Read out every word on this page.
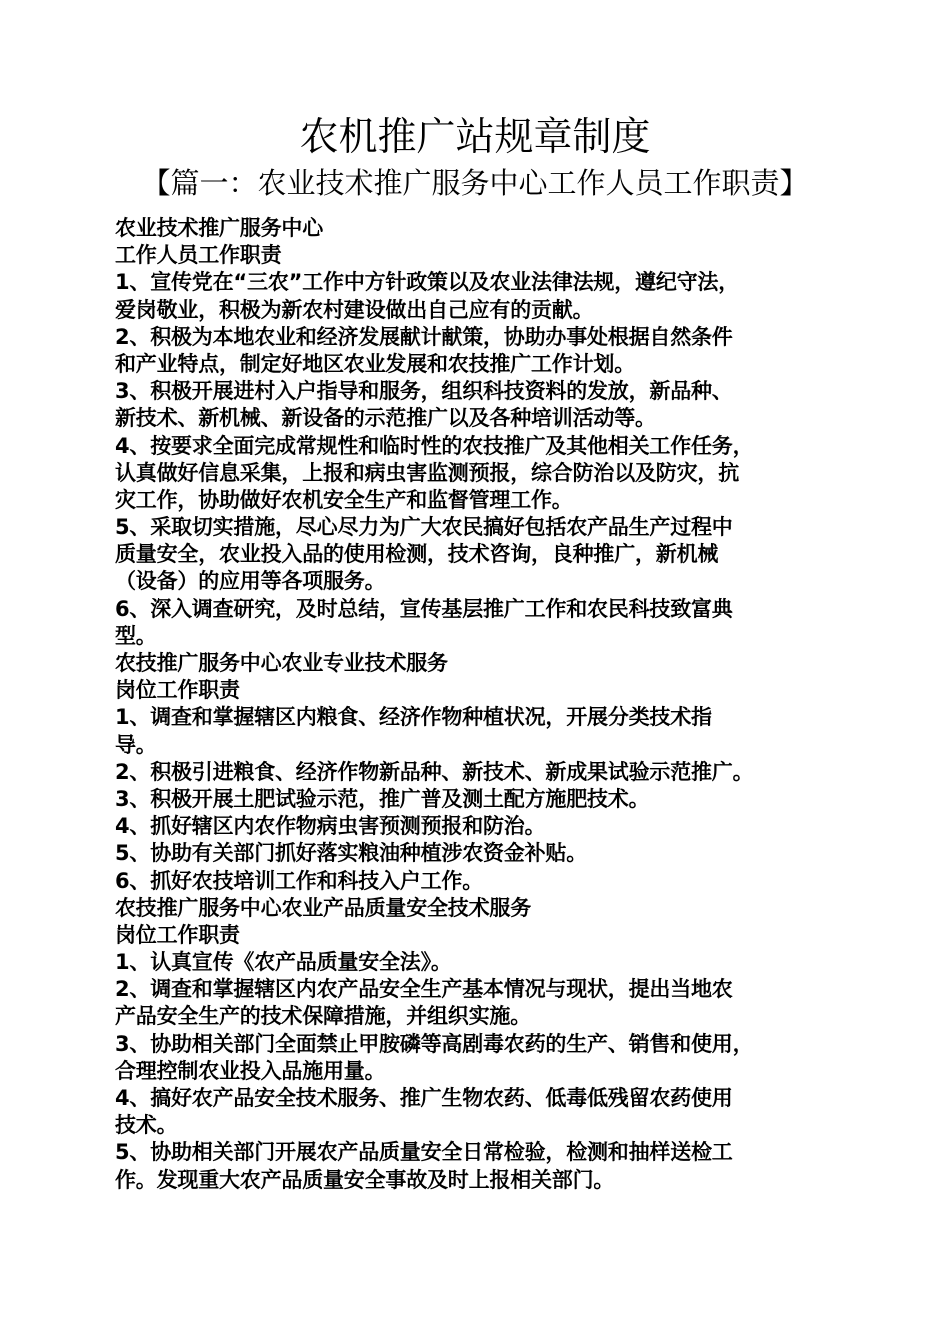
农机推广站规章制度
【篇一：农业技术推广服务中心工作人员工作职责】
农业技术推广服务中心
工作人员工作职责
1、宣传党在“三农”工作中方针政策以及农业法律法规，遵纪守法，
爱岗敬业，积极为新农村建设做出自己应有的贡献。
2、积极为本地农业和经济发展献计献策，协助办事处根据自然条件
和产业特点，制定好地区农业发展和农技推广工作计划。
3、积极开展进村入户指导和服务，组织科技资料的发放，新品种、
新技术、新机械、新设备的示范推广以及各种培训活动等。
4、按要求全面完成常规性和临时性的农技推广及其他相关工作任务，
认真做好信息采集，上报和病虫害监测预报，综合防治以及防灾，抗
灾工作，协助做好农机安全生产和监督管理工作。
5、采取切实措施，尽心尽力为广大农民搞好包括农产品生产过程中
质量安全，农业投入品的使用检测，技术咨询，良种推广，新机械
（设备）的应用等各项服务。
6、深入调查研究，及时总结，宣传基层推广工作和农民科技致富典
型。
农技推广服务中心农业专业技术服务
岗位工作职责
1、调查和掌握辖区内粮食、经济作物种植状况，开展分类技术指
导。
2、积极引进粮食、经济作物新品种、新技术、新成果试验示范推广。
3、积极开展土肥试验示范，推广普及测土配方施肥技术。
4、抓好辖区内农作物病虫害预测预报和防治。
5、协助有关部门抓好落实粮油种植涉农资金补贴。
6、抓好农技培训工作和科技入户工作。
农技推广服务中心农业产品质量安全技术服务
岗位工作职责
1、认真宣传《农产品质量安全法》。
2、调查和掌握辖区内农产品安全生产基本情况与现状，提出当地农
产品安全生产的技术保障措施，并组织实施。
3、协助相关部门全面禁止甲胺磷等高剧毒农药的生产、销售和使用，
合理控制农业投入品施用量。
4、搞好农产品安全技术服务、推广生物农药、低毒低残留农药使用
技术。
5、协助相关部门开展农产品质量安全日常检验，检测和抽样送检工
作。发现重大农产品质量安全事故及时上报相关部门。
